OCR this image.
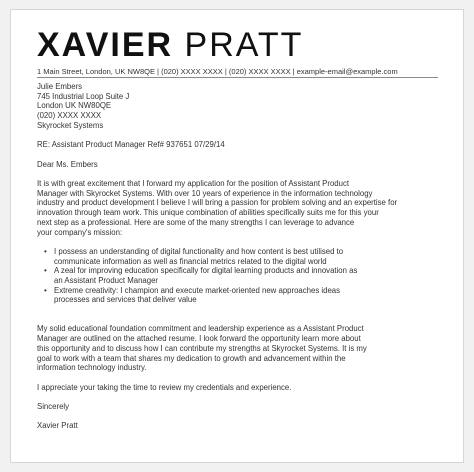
XAVIER PRATT
1 Main Street, London, UK NW8QE | (020) XXXX XXXX | (020) XXXX XXXX | example-email@example.com
Julie Embers
745 Industrial Loop Suite J
London UK NW80QE
(020) XXXX XXXX
Skyrocket Systems
RE: Assistant Product Manager Ref# 937651 07/29/14
Dear Ms. Embers
It is with great excitement that I forward my application for the position of Assistant Product
Manager with Skyrocket Systems. With over 10 years of experience in the information technology
industry and product development I believe I will bring a passion for problem solving and an expertise for
innovation through team work. This unique combination of abilities specifically suits me for this your
next step as a professional. Here are some of the many strengths I can leverage to advance
your company's mission:
• I possess an understanding of digital functionality and how content is best utilised to
communicate information as well as financial metrics related to the digital world
• A zeal for improving education specifically for digital learning products and innovation as
an Assistant Product Manager
• Extreme creativity: I champion and execute market-oriented new approaches ideas
processes and services that deliver value
My solid educational foundation commitment and leadership experience as a Assistant Product
Manager are outlined on the attached resume. I look forward the opportunity learn more about
this opportunity and to discuss how I can contribute my strengths at Skyrocket Systems. It is my
goal to work with a team that shares my dedication to growth and advancement within the
information technology industry.
I appreciate your taking the time to review my credentials and experience.
Sincerely
Xavier Pratt
